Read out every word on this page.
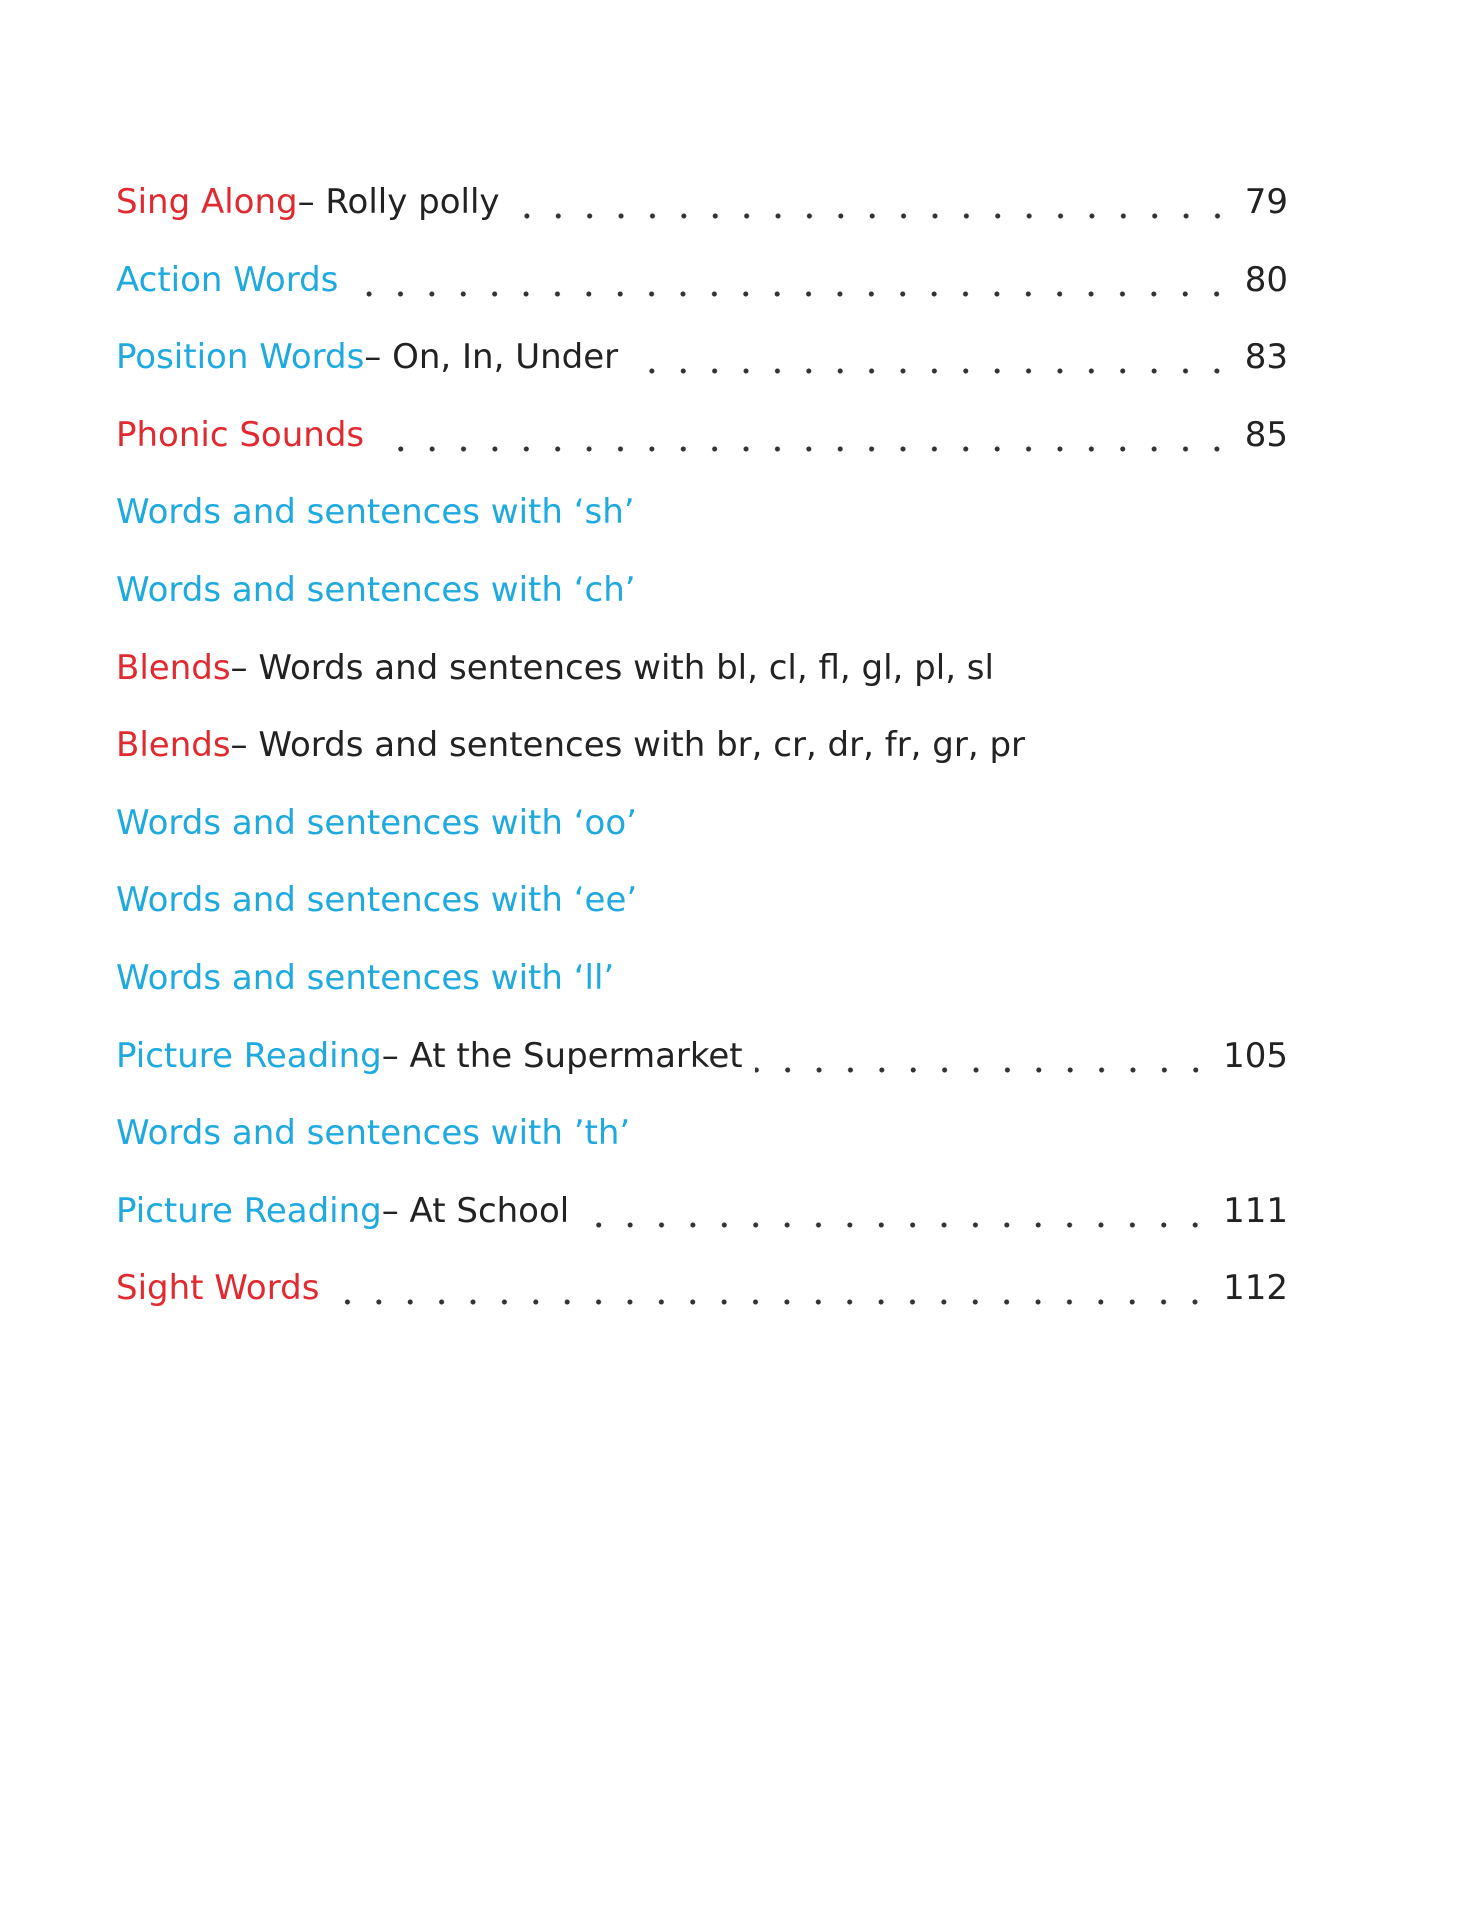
Sing Along – Rolly polly	79
Action Words	80
Position Words – On, In, Under	83
Phonic Sounds	85
Words and sentences with ‘sh’
Words and sentences with ‘ch’
Blends – Words and sentences with bl, cl, fl, gl, pl, sl
Blends – Words and sentences with br, cr, dr, fr, gr, pr
Words and sentences with ‘oo’
Words and sentences with ‘ee’
Words and sentences with ‘ll’
Picture Reading – At the Supermarket	105
Words and sentences with ’th’
Picture Reading – At School	111
Sight Words	112
